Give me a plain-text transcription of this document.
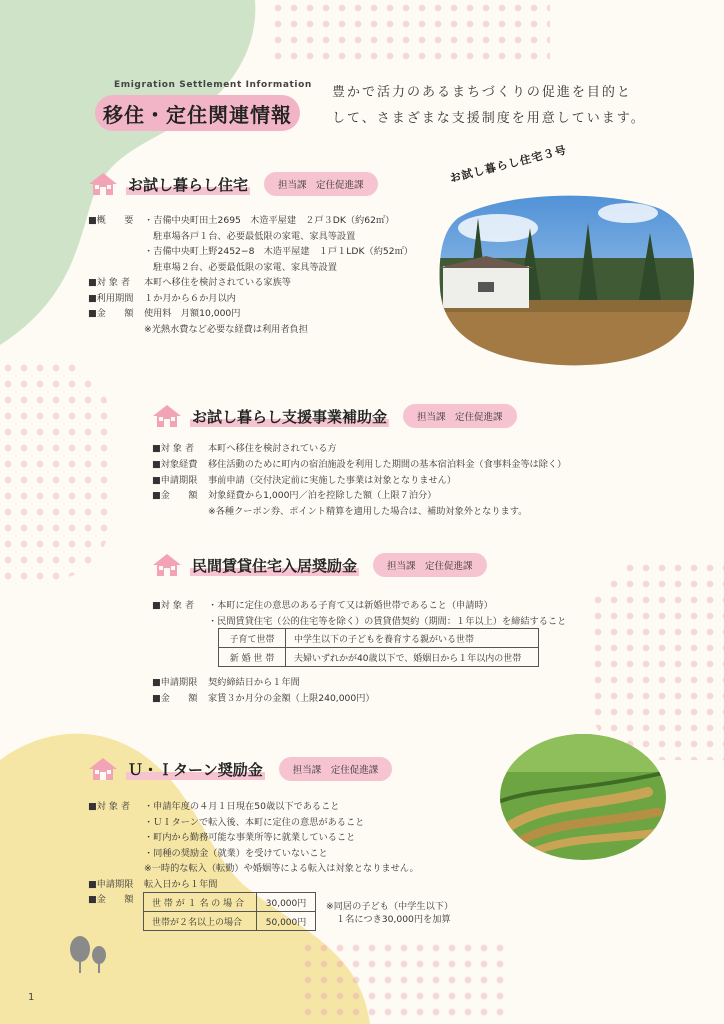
Emigration Settlement Information
移住・定住関連情報
豊かで活力のあるまちづくりの促進を目的と
して、さまざまな支援制度を用意しています。
お試し暮らし住宅	担当課　定住促進課
■概　　要 ・吉備中央町田土2695　木造平屋建　２戸３DK（約62㎡）
　駐車場各戸１台、必要最低限の家電、家具等設置
・吉備中央町上野2452−8　木造平屋建　１戸１LDK（約52㎡）
　駐車場２台、必要最低限の家電、家具等設置
■対 象 者 本町へ移住を検討されている家族等
■利用期間 １か月から６か月以内
■金　　額 使用料　月額10,000円
※光熱水費など必要な経費は利用者負担
お試し暮らし住宅３号
お試し暮らし支援事業補助金	担当課　定住促進課
■対 象 者 本町へ移住を検討されている方
■対象経費 移住活動のために町内の宿泊施設を利用した期間の基本宿泊料金（食事料金等は除く）
■申請期限 事前申請（交付決定前に実施した事業は対象となりません）
■金　　額 対象経費から1,000円／泊を控除した額（上限７泊分）
※各種クーポン券、ポイント精算を適用した場合は、補助対象外となります。
民間賃貸住宅入居奨励金	担当課　定住促進課
■対 象 者 ・本町に定住の意思のある子育て又は新婚世帯であること（申請時）
・民間賃貸住宅（公的住宅等を除く）の賃貸借契約（期間：１年以上）を締結すること
子育て世帯	中学生以下の子どもを養育する親がいる世帯
新 婚 世 帯	夫婦いずれかが40歳以下で、婚姻日から１年以内の世帯
■申請期限 契約締結日から１年間
■金　　額 家賃３か月分の金額（上限240,000円）
Ｕ・Ｉターン奨励金	担当課　定住促進課
■対 象 者 ・申請年度の４月１日現在50歳以下であること
・ＵＩターンで転入後、本町に定住の意思があること
・町内から勤務可能な事業所等に就業していること
・同種の奨励金（就業）を受けていないこと
※一時的な転入（転勤）や婚姻等による転入は対象となりません。
■申請期限 転入日から１年間
■金　　額	世 帯 が １ 名 の 場 合	30,000円
世帯が２名以上の場合	50,000円
※同居の子ども（中学生以下）
１名につき30,000円を加算
1
